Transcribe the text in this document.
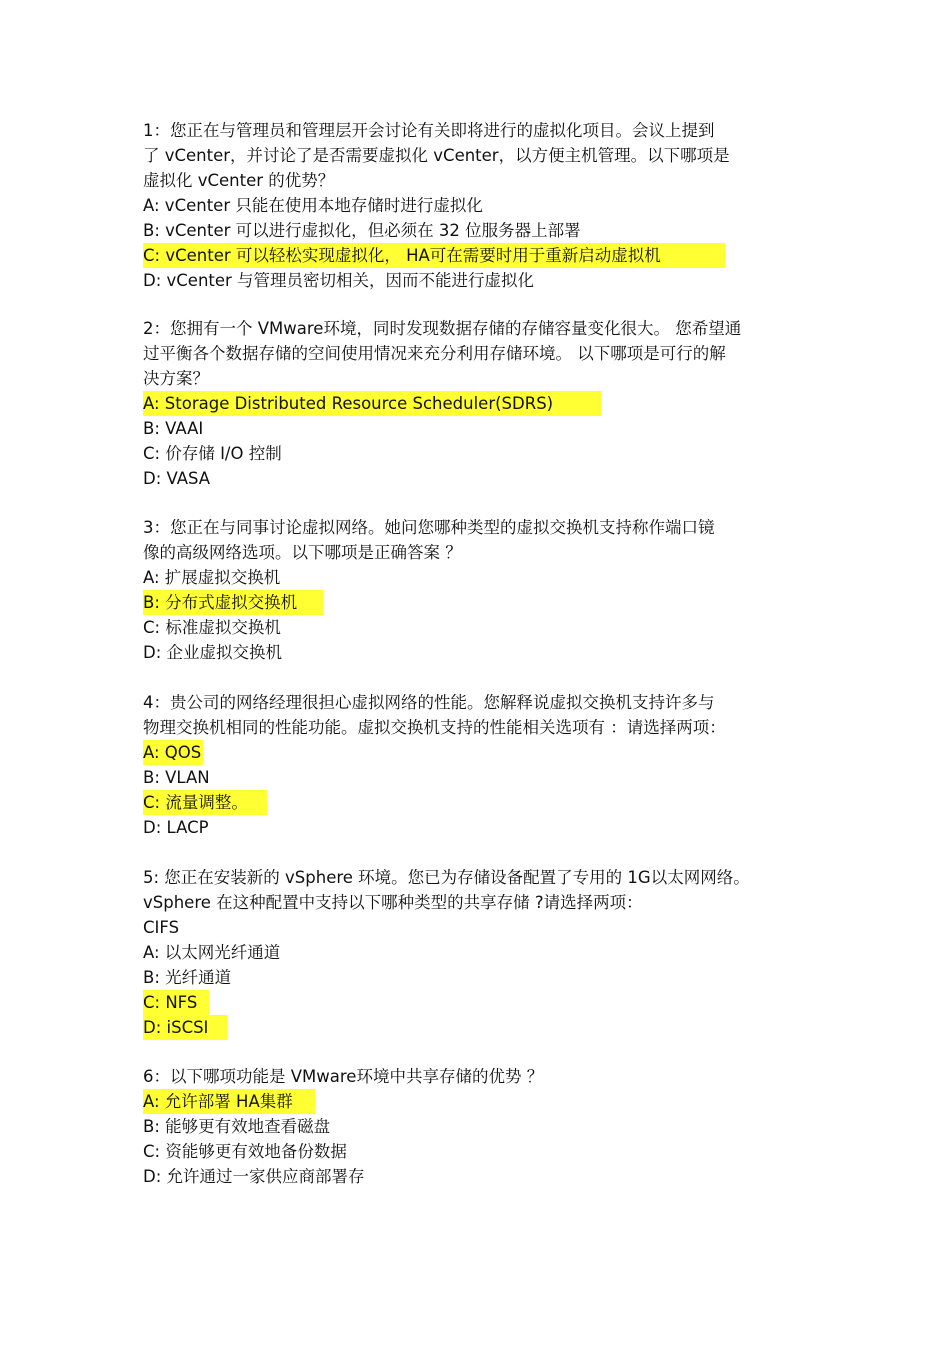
1：您正在与管理员和管理层开会讨论有关即将进行的虚拟化项目。会议上提到
了 vCenter，并讨论了是否需要虚拟化 vCenter，以方便主机管理。以下哪项是
虚拟化 vCenter 的优势？
A: vCenter 只能在使用本地存储时进行虚拟化
B: vCenter 可以进行虚拟化，但必须在 32 位服务器上部署
C: vCenter 可以轻松实现虚拟化， HA可在需要时用于重新启动虚拟机
D: vCenter 与管理员密切相关，因而不能进行虚拟化
2：您拥有一个 VMware环境，同时发现数据存储的存储容量变化很大。 您希望通
过平衡各个数据存储的空间使用情况来充分利用存储环境。 以下哪项是可行的解
决方案？
A: Storage Distributed Resource Scheduler(SDRS)
B: VAAI
C: 价存储 I/O 控制
D: VASA
3：您正在与同事讨论虚拟网络。她问您哪种类型的虚拟交换机支持称作端口镜
像的高级网络选项。以下哪项是正确答案 ？
A: 扩展虚拟交换机
B: 分布式虚拟交换机
C: 标准虚拟交换机
D: 企业虚拟交换机
4：贵公司的网络经理很担心虚拟网络的性能。您解释说虚拟交换机支持许多与
物理交换机相同的性能功能。虚拟交换机支持的性能相关选项有 ：请选择两项：
A: QOS
B: VLAN
C: 流量调整。
D: LACP
5: 您正在安装新的 vSphere 环境。您已为存储设备配置了专用的 1G以太网网络。
vSphere 在这种配置中支持以下哪种类型的共享存储 ?请选择两项：
CIFS
A: 以太网光纤通道
B: 光纤通道
C: NFS
D: iSCSI
6：以下哪项功能是 VMware环境中共享存储的优势 ？
A: 允许部署 HA集群
B: 能够更有效地查看磁盘
C: 资能够更有效地备份数据
D: 允许通过一家供应商部署存
